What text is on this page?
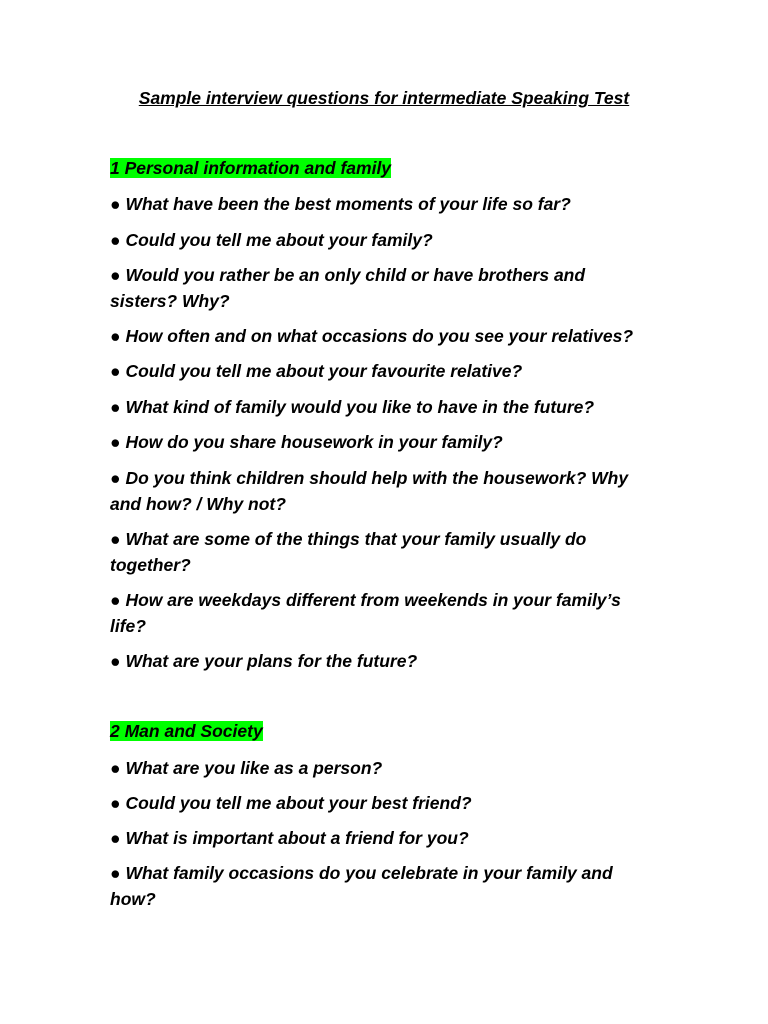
Sample interview questions for intermediate Speaking Test
1 Personal information and family
● What have been the best moments of your life so far?
● Could you tell me about your family?
● Would you rather be an only child or have brothers and sisters? Why?
● How often and on what occasions do you see your relatives?
● Could you tell me about your favourite relative?
● What kind of family would you like to have in the future?
● How do you share housework in your family?
● Do you think children should help with the housework? Why and how? / Why not?
● What are some of the things that your family usually do together?
● How are weekdays different from weekends in your family’s life?
● What are your plans for the future?
2 Man and Society
● What are you like as a person?
● Could you tell me about your best friend?
● What is important about a friend for you?
● What family occasions do you celebrate in your family and how?
